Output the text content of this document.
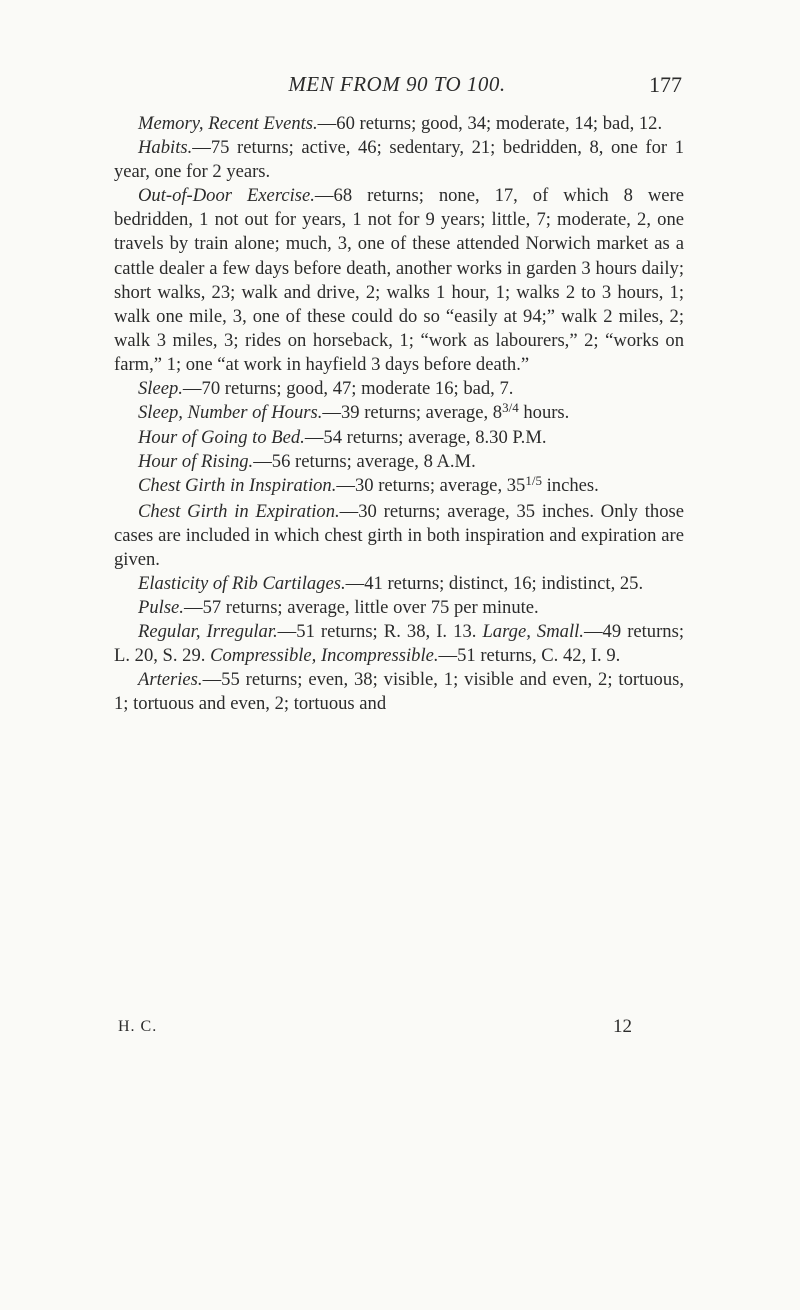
MEN FROM 90 TO 100.	177

Memory, Recent Events.—60 returns; good, 34; moderate, 14; bad, 12.

Habits.—75 returns; active, 46; sedentary, 21; bedridden, 8, one for 1 year, one for 2 years.

Out-of-Door Exercise.—68 returns; none, 17, of which 8 were bedridden, 1 not out for years, 1 not for 9 years; little, 7; moderate, 2, one travels by train alone; much, 3, one of these attended Norwich market as a cattle dealer a few days before death, another works in garden 3 hours daily; short walks, 23; walk and drive, 2; walks 1 hour, 1; walks 2 to 3 hours, 1; walk one mile, 3, one of these could do so “easily at 94;” walk 2 miles, 2; walk 3 miles, 3; rides on horseback, 1; “work as labourers,” 2; “works on farm,” 1; one “at work in hayfield 3 days before death.”

Sleep.—70 returns; good, 47; moderate 16; bad, 7.

Sleep, Number of Hours.—39 returns; average, $8^{3/4}$ hours.

Hour of Going to Bed.—54 returns; average, 8.30 P.M.

Hour of Rising.—56 returns; average, 8 A.M.

Chest Girth in Inspiration.—30 returns; average, $35^{1/5}$ inches.

Chest Girth in Expiration.—30 returns; average, 35 inches. Only those cases are included in which chest girth in both inspiration and expiration are given.

Elasticity of Rib Cartilages.—41 returns; distinct, 16; indistinct, 25.

Pulse.—57 returns; average, little over 75 per minute.

Regular, Irregular.—51 returns; R. 38, I. 13. Large, Small.—49 returns; L. 20, S. 29. Compressible, Incompressible.—51 returns, C. 42, I. 9.

Arteries.—55 returns; even, 38; visible, 1; visible and even, 2; tortuous, 1; tortuous and even, 2; tortuous and

H. C.	12
